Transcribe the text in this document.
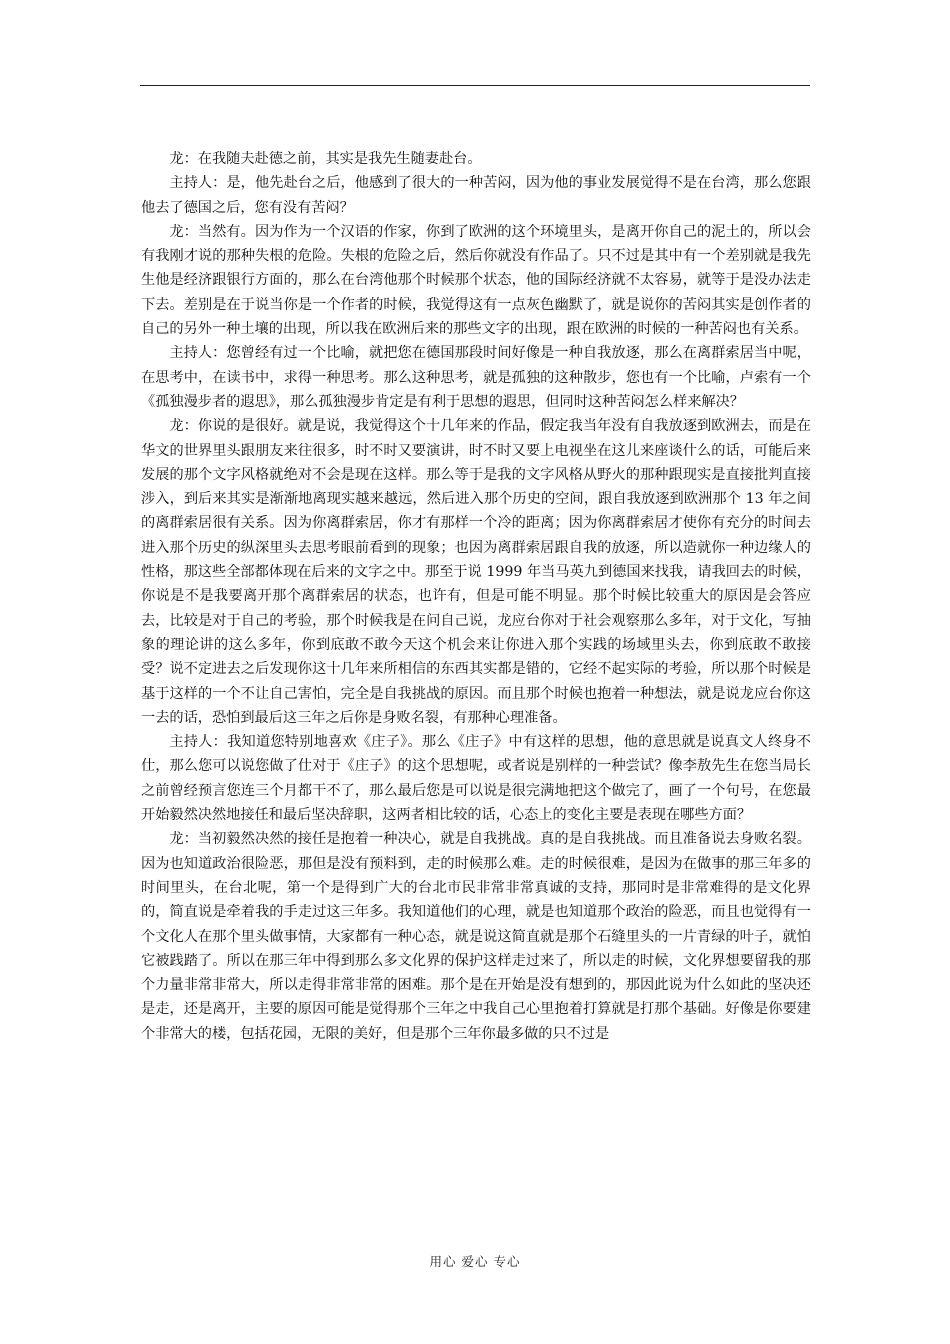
龙：在我随夫赴德之前，其实是我先生随妻赴台。

主持人：是，他先赴台之后，他感到了很大的一种苦闷，因为他的事业发展觉得不是在台湾，那么您跟他去了德国之后，您有没有苦闷？

龙：当然有。因为作为一个汉语的作家，你到了欧洲的这个环境里头，是离开你自己的泥土的，所以会有我刚才说的那种失根的危险。失根的危险之后，然后你就没有作品了。只不过是其中有一个差别就是我先生他是经济跟银行方面的，那么在台湾他那个时候那个状态，他的国际经济就不太容易，就等于是没办法走下去。差别是在于说当你是一个作者的时候，我觉得这有一点灰色幽默了，就是说你的苦闷其实是创作者的自己的另外一种土壤的出现，所以我在欧洲后来的那些文字的出现，跟在欧洲的时候的一种苦闷也有关系。

主持人：您曾经有过一个比喻，就把您在德国那段时间好像是一种自我放逐，那么在离群索居当中呢，在思考中，在读书中，求得一种思考。那么这种思考，就是孤独的这种散步，您也有一个比喻，卢索有一个《孤独漫步者的遐思》，那么孤独漫步肯定是有利于思想的遐思，但同时这种苦闷怎么样来解决？

龙：你说的是很好。就是说，我觉得这个十几年来的作品，假定我当年没有自我放逐到欧洲去，而是在华文的世界里头跟朋友来往很多，时不时又要演讲，时不时又要上电视坐在这儿来座谈什么的话，可能后来发展的那个文字风格就绝对不会是现在这样。那么等于是我的文字风格从野火的那种跟现实是直接批判直接涉入，到后来其实是渐渐地离现实越来越远，然后进入那个历史的空间，跟自我放逐到欧洲那个 13 年之间的离群索居很有关系。因为你离群索居，你才有那样一个冷的距离；因为你离群索居才使你有充分的时间去进入那个历史的纵深里头去思考眼前看到的现象；也因为离群索居跟自我的放逐，所以造就你一种边缘人的性格，那这些全部都体现在后来的文字之中。那至于说 1999 年当马英九到德国来找我，请我回去的时候，你说是不是我要离开那个离群索居的状态，也许有，但是可能不明显。那个时候比较重大的原因是会答应去，比较是对于自己的考验，那个时候我是在问自己说，龙应台你对于社会观察那么多年，对于文化，写抽象的理论讲的这么多年，你到底敢不敢今天这个机会来让你进入那个实践的场域里头去，你到底敢不敢接受？说不定进去之后发现你这十几年来所相信的东西其实都是错的，它经不起实际的考验，所以那个时候是基于这样的一个不让自己害怕，完全是自我挑战的原因。而且那个时候也抱着一种想法，就是说龙应台你这一去的话，恐怕到最后这三年之后你是身败名裂，有那种心理准备。

主持人：我知道您特别地喜欢《庄子》。那么《庄子》中有这样的思想，他的意思就是说真文人终身不仕，那么您可以说您做了仕对于《庄子》的这个思想呢，或者说是别样的一种尝试？像李敖先生在您当局长之前曾经预言您连三个月都干不了，那么最后您是可以说是很完满地把这个做完了，画了一个句号，在您最开始毅然决然地接任和最后坚决辞职，这两者相比较的话，心态上的变化主要是表现在哪些方面？

龙：当初毅然决然的接任是抱着一种决心，就是自我挑战。真的是自我挑战。而且准备说去身败名裂。因为也知道政治很险恶，那但是没有预料到，走的时候那么难。走的时候很难，是因为在做事的那三年多的时间里头，在台北呢，第一个是得到广大的台北市民非常非常真诚的支持，那同时是非常难得的是文化界的，简直说是牵着我的手走过这三年多。我知道他们的心理，就是也知道那个政治的险恶，而且也觉得有一个文化人在那个里头做事情，大家都有一种心态，就是说这简直就是那个石缝里头的一片青绿的叶子，就怕它被践踏了。所以在那三年中得到那么多文化界的保护这样走过来了，所以走的时候，文化界想要留我的那个力量非常非常大，所以走得非常非常的困难。那个是在开始是没有想到的，那因此说为什么如此的坚决还是走，还是离开，主要的原因可能是觉得那个三年之中我自己心里抱着打算就是打那个基础。好像是你要建个非常大的楼，包括花园，无限的美好，但是那个三年你最多做的只不过是

用心 爱心 专心
